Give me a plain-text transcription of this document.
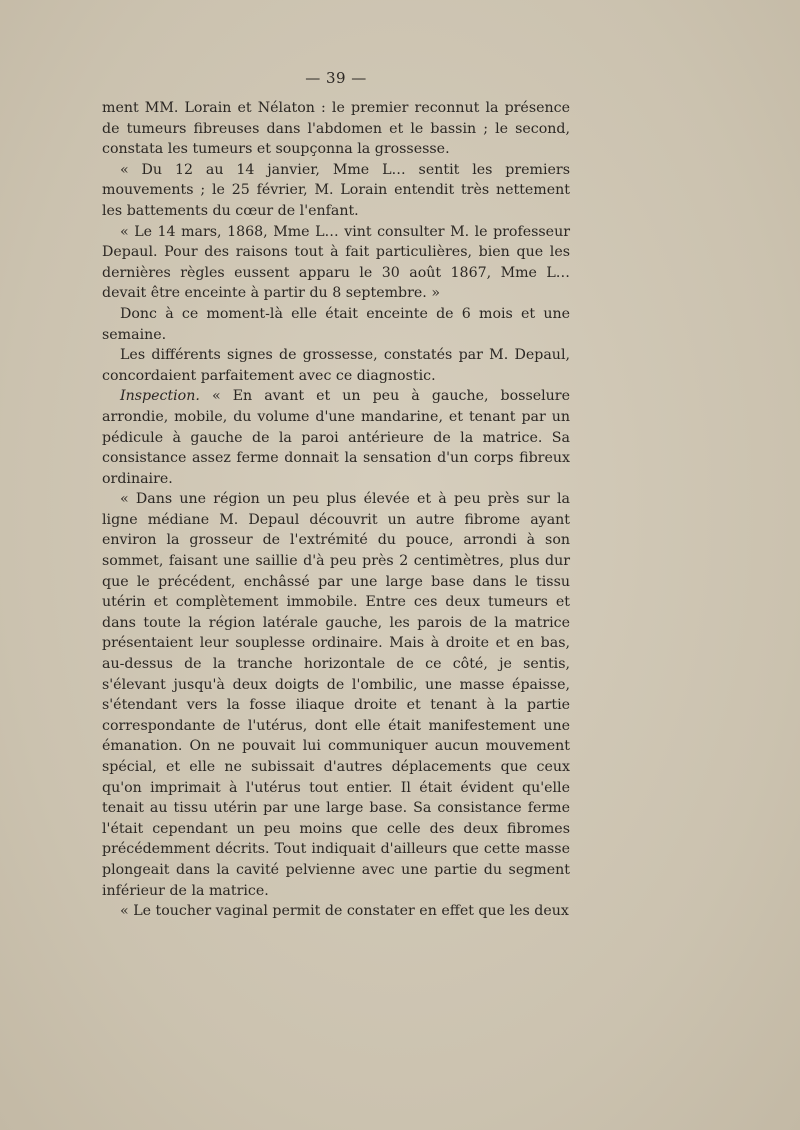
— 39 —

ment MM. Lorain et Nélaton : le premier reconnut la présence de tumeurs fibreuses dans l'abdomen et le bassin ; le second, constata les tumeurs et soupçonna la grossesse.

« Du 12 au 14 janvier, Mme L… sentit les premiers mouvements ; le 25 février, M. Lorain entendit très nettement les battements du cœur de l'enfant.

« Le 14 mars, 1868, Mme L… vint consulter M. le professeur Depaul. Pour des raisons tout à fait particulières, bien que les dernières règles eussent apparu le 30 août 1867, Mme L… devait être enceinte à partir du 8 septembre. »

Donc à ce moment-là elle était enceinte de 6 mois et une semaine.

Les différents signes de grossesse, constatés par M. Depaul, concordaient parfaitement avec ce diagnostic.

Inspection. « En avant et un peu à gauche, bosselure arrondie, mobile, du volume d'une mandarine, et tenant par un pédicule à gauche de la paroi antérieure de la matrice. Sa consistance assez ferme donnait la sensation d'un corps fibreux ordinaire.

« Dans une région un peu plus élevée et à peu près sur la ligne médiane M. Depaul découvrit un autre fibrome ayant environ la grosseur de l'extrémité du pouce, arrondi à son sommet, faisant une saillie d'à peu près 2 centimètres, plus dur que le précédent, enchâssé par une large base dans le tissu utérin et complètement immobile. Entre ces deux tumeurs et dans toute la région latérale gauche, les parois de la matrice présentaient leur souplesse ordinaire. Mais à droite et en bas, au-dessus de la tranche horizontale de ce côté, je sentis, s'élevant jusqu'à deux doigts de l'ombilic, une masse épaisse, s'étendant vers la fosse iliaque droite et tenant à la partie correspondante de l'utérus, dont elle était manifestement une émanation. On ne pouvait lui communiquer aucun mouvement spécial, et elle ne subissait d'autres déplacements que ceux qu'on imprimait à l'utérus tout entier. Il était évident qu'elle tenait au tissu utérin par une large base. Sa consistance ferme l'était cependant un peu moins que celle des deux fibromes précédemment décrits. Tout indiquait d'ailleurs que cette masse plongeait dans la cavité pelvienne avec une partie du segment inférieur de la matrice.

« Le toucher vaginal permit de constater en effet que les deux
